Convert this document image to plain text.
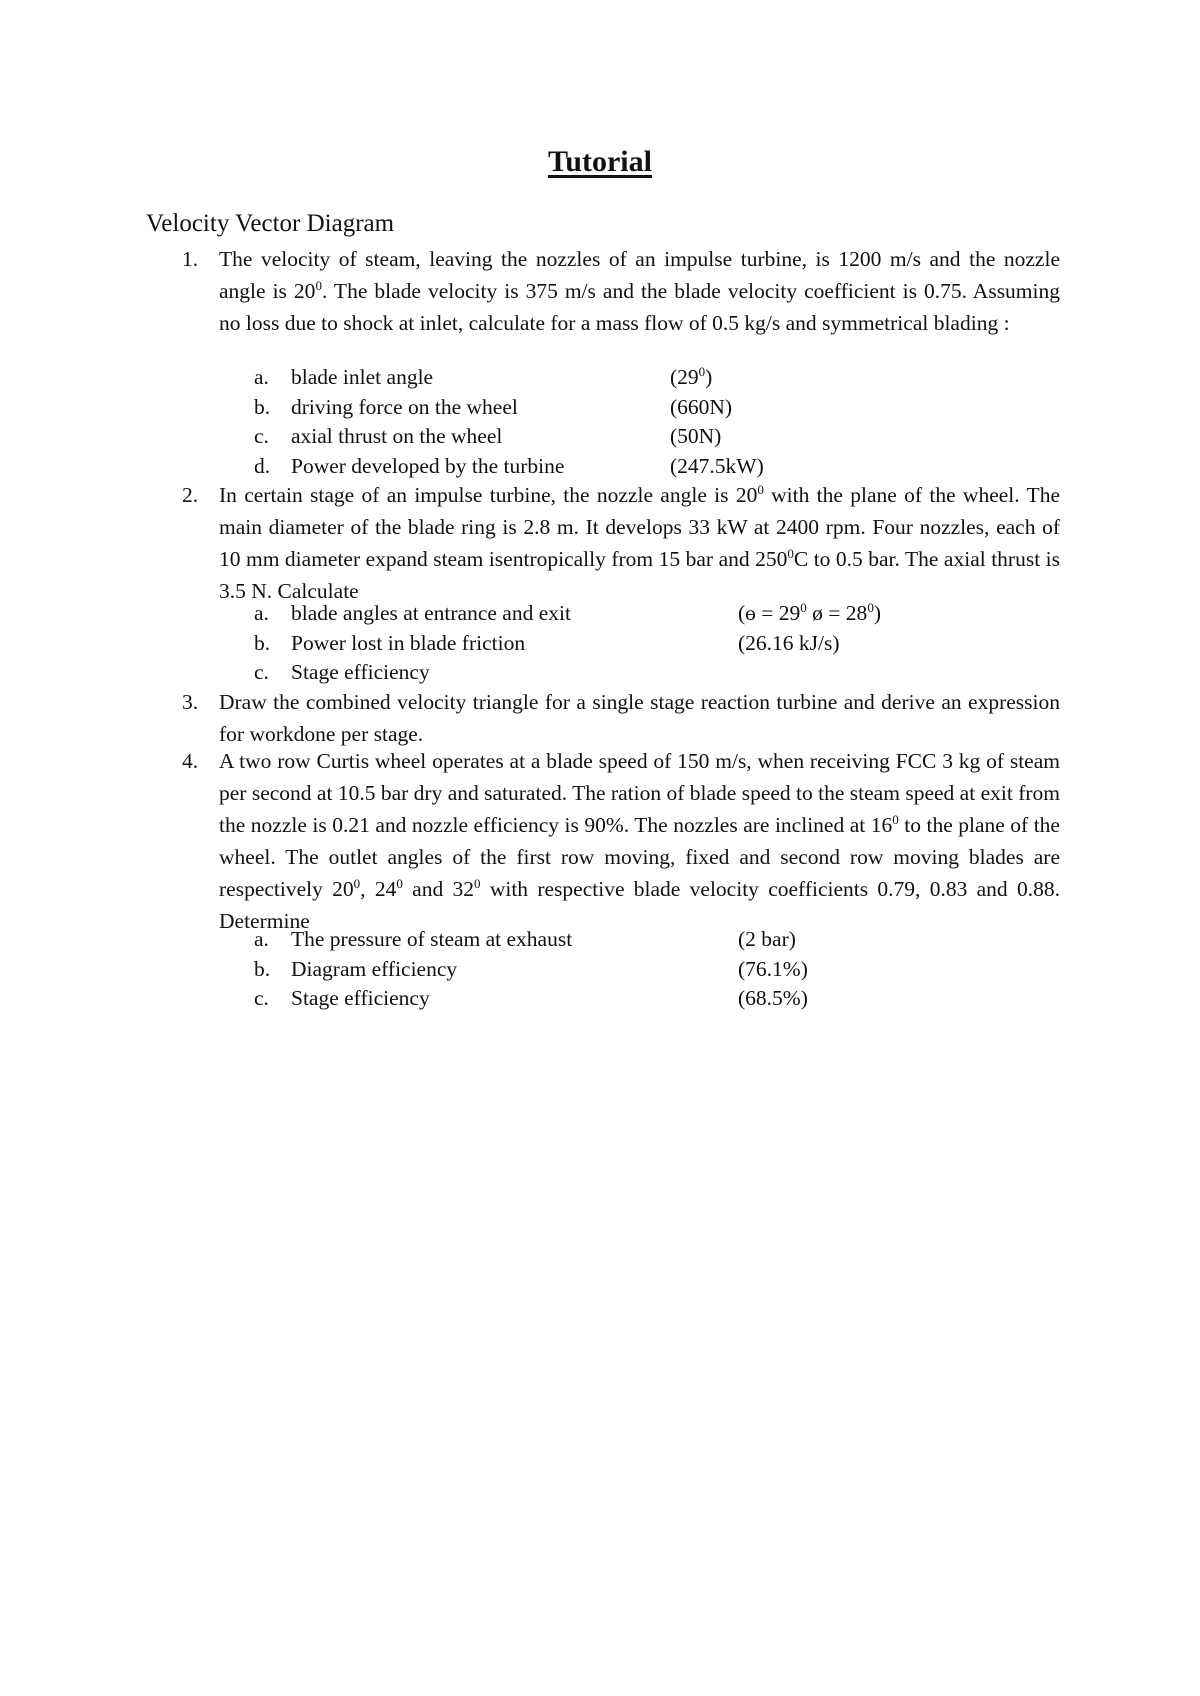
Tutorial
Velocity Vector Diagram
1. The velocity of steam, leaving the nozzles of an impulse turbine, is 1200 m/s and the nozzle angle is $20^0$. The blade velocity is 375 m/s and the blade velocity coefficient is 0.75. Assuming no loss due to shock at inlet, calculate for a mass flow of 0.5 kg/s and symmetrical blading :
a. blade inlet angle	$(29^0)$
b. driving force on the wheel	(660N)
c. axial thrust on the wheel	(50N)
d. Power developed by the turbine	(247.5kW)
2. In certain stage of an impulse turbine, the nozzle angle is $20^0$ with the plane of the wheel. The main diameter of the blade ring is 2.8 m. It develops 33 kW at 2400 rpm. Four nozzles, each of 10 mm diameter expand steam isentropically from 15 bar and $250^0C$ to 0.5 bar. The axial thrust is 3.5 N. Calculate
a. blade angles at entrance and exit	(ɵ = $29^0$ ø = $28^0$)
b. Power lost in blade friction	(26.16 kJ/s)
c. Stage efficiency
3. Draw the combined velocity triangle for a single stage reaction turbine and derive an expression for workdone per stage.
4. A two row Curtis wheel operates at a blade speed of 150 m/s, when receiving FCC 3 kg of steam per second at 10.5 bar dry and saturated. The ration of blade speed to the steam speed at exit from the nozzle is 0.21 and nozzle efficiency is 90%. The nozzles are inclined at $16^0$ to the plane of the wheel. The outlet angles of the first row moving, fixed and second row moving blades are respectively $20^0$, $24^0$ and $32^0$ with respective blade velocity coefficients 0.79, 0.83 and 0.88. Determine
a. The pressure of steam at exhaust	(2 bar)
b. Diagram efficiency	(76.1%)
c. Stage efficiency	(68.5%)
